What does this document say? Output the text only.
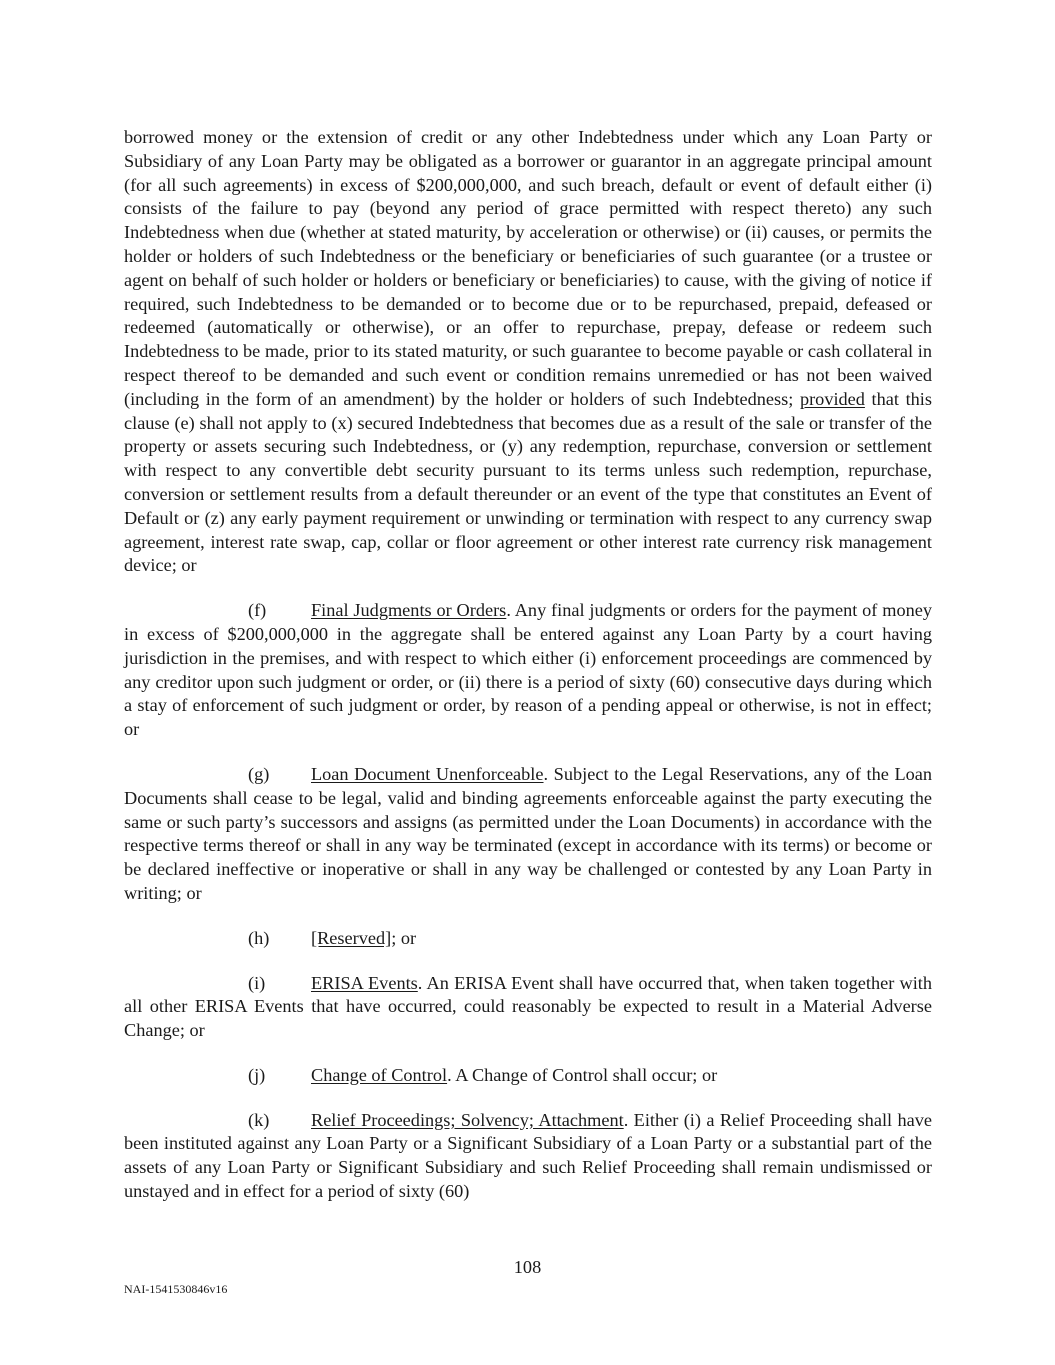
borrowed money or the extension of credit or any other Indebtedness under which any Loan Party or Subsidiary of any Loan Party may be obligated as a borrower or guarantor in an aggregate principal amount (for all such agreements) in excess of $200,000,000, and such breach, default or event of default either (i) consists of the failure to pay (beyond any period of grace permitted with respect thereto) any such Indebtedness when due (whether at stated maturity, by acceleration or otherwise) or (ii) causes, or permits the holder or holders of such Indebtedness or the beneficiary or beneficiaries of such guarantee (or a trustee or agent on behalf of such holder or holders or beneficiary or beneficiaries) to cause, with the giving of notice if required, such Indebtedness to be demanded or to become due or to be repurchased, prepaid, defeased or redeemed (automatically or otherwise), or an offer to repurchase, prepay, defease or redeem such Indebtedness to be made, prior to its stated maturity, or such guarantee to become payable or cash collateral in respect thereof to be demanded and such event or condition remains unremedied or has not been waived (including in the form of an amendment) by the holder or holders of such Indebtedness; provided that this clause (e) shall not apply to (x) secured Indebtedness that becomes due as a result of the sale or transfer of the property or assets securing such Indebtedness, or (y) any redemption, repurchase, conversion or settlement with respect to any convertible debt security pursuant to its terms unless such redemption, repurchase, conversion or settlement results from a default thereunder or an event of the type that constitutes an Event of Default or (z) any early payment requirement or unwinding or termination with respect to any currency swap agreement, interest rate swap, cap, collar or floor agreement or other interest rate currency risk management device; or

(f) Final Judgments or Orders. Any final judgments or orders for the payment of money in excess of $200,000,000 in the aggregate shall be entered against any Loan Party by a court having jurisdiction in the premises, and with respect to which either (i) enforcement proceedings are commenced by any creditor upon such judgment or order, or (ii) there is a period of sixty (60) consecutive days during which a stay of enforcement of such judgment or order, by reason of a pending appeal or otherwise, is not in effect; or

(g) Loan Document Unenforceable. Subject to the Legal Reservations, any of the Loan Documents shall cease to be legal, valid and binding agreements enforceable against the party executing the same or such party’s successors and assigns (as permitted under the Loan Documents) in accordance with the respective terms thereof or shall in any way be terminated (except in accordance with its terms) or become or be declared ineffective or inoperative or shall in any way be challenged or contested by any Loan Party in writing; or

(h) [Reserved]; or

(i) ERISA Events. An ERISA Event shall have occurred that, when taken together with all other ERISA Events that have occurred, could reasonably be expected to result in a Material Adverse Change; or

(j) Change of Control. A Change of Control shall occur; or

(k) Relief Proceedings; Solvency; Attachment. Either (i) a Relief Proceeding shall have been instituted against any Loan Party or a Significant Subsidiary of a Loan Party or a substantial part of the assets of any Loan Party or Significant Subsidiary and such Relief Proceeding shall remain undismissed or unstayed and in effect for a period of sixty (60)

108
NAI-1541530846v16
